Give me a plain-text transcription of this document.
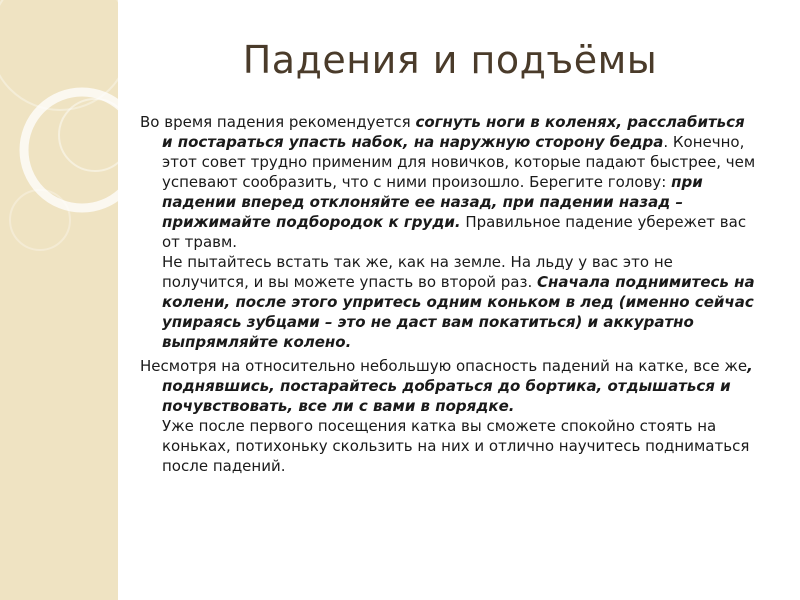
Падения и подъёмы

Во время падения рекомендуется согнуть ноги в коленях, расслабиться и постараться упасть набок, на наружную сторону бедра. Конечно, этот совет трудно применим для новичков, которые падают быстрее, чем успевают сообразить, что с ними произошло. Берегите голову: при падении вперед отклоняйте ее назад, при падении назад – прижимайте подбородок к груди. Правильное падение убережет вас от травм.
Не пытайтесь встать так же, как на земле. На льду у вас это не получится, и вы можете упасть во второй раз. Сначала поднимитесь на колени, после этого упритесь одним коньком в лед (именно сейчас упираясь зубцами – это не даст вам покатиться) и аккуратно выпрямляйте колено.

Несмотря на относительно небольшую опасность падений на катке, все же, поднявшись, постарайтесь добраться до бортика, отдышаться и почувствовать, все ли с вами в порядке.
Уже после первого посещения катка вы сможете спокойно стоять на коньках, потихоньку скользить на них и отлично научитесь подниматься после падений.
